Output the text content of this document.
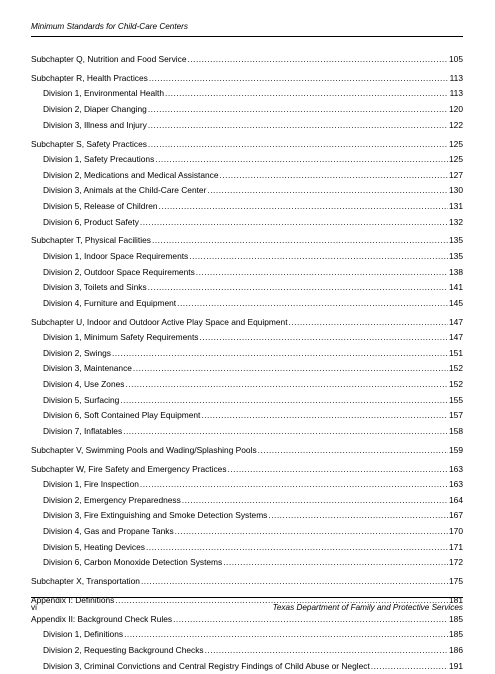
Minimum Standards for Child-Care Centers
Subchapter Q, Nutrition and Food Service .....	105
Subchapter R, Health Practices .....	113
Division 1, Environmental Health .....	113
Division 2, Diaper Changing .....	120
Division 3, Illness and Injury .....	122
Subchapter S, Safety Practices .....	125
Division 1, Safety Precautions .....	125
Division 2, Medications and Medical Assistance .....	127
Division 3, Animals at the Child-Care Center .....	130
Division 5, Release of Children .....	131
Division 6, Product Safety .....	132
Subchapter T, Physical Facilities .....	135
Division 1, Indoor Space Requirements .....	135
Division 2, Outdoor Space Requirements .....	138
Division 3, Toilets and Sinks .....	141
Division 4, Furniture and Equipment .....	145
Subchapter U, Indoor and Outdoor Active Play Space and Equipment .....	147
Division 1, Minimum Safety Requirements .....	147
Division 2, Swings .....	151
Division 3, Maintenance .....	152
Division 4, Use Zones .....	152
Division 5, Surfacing .....	155
Division 6, Soft Contained Play Equipment .....	157
Division 7, Inflatables .....	158
Subchapter V, Swimming Pools and Wading/Splashing Pools .....	159
Subchapter W, Fire Safety and Emergency Practices .....	163
Division 1, Fire Inspection .....	163
Division 2, Emergency Preparedness .....	164
Division 3, Fire Extinguishing and Smoke Detection Systems .....	167
Division 4, Gas and Propane Tanks .....	170
Division 5, Heating Devices .....	171
Division 6, Carbon Monoxide Detection Systems .....	172
Subchapter X, Transportation .....	175
Appendix I: Definitions .....	181
Appendix II: Background Check Rules .....	185
Division 1, Definitions .....	185
Division 2, Requesting Background Checks .....	186
Division 3, Criminal Convictions and Central Registry Findings of Child Abuse or Neglect .....	191
vi	Texas Department of Family and Protective Services
